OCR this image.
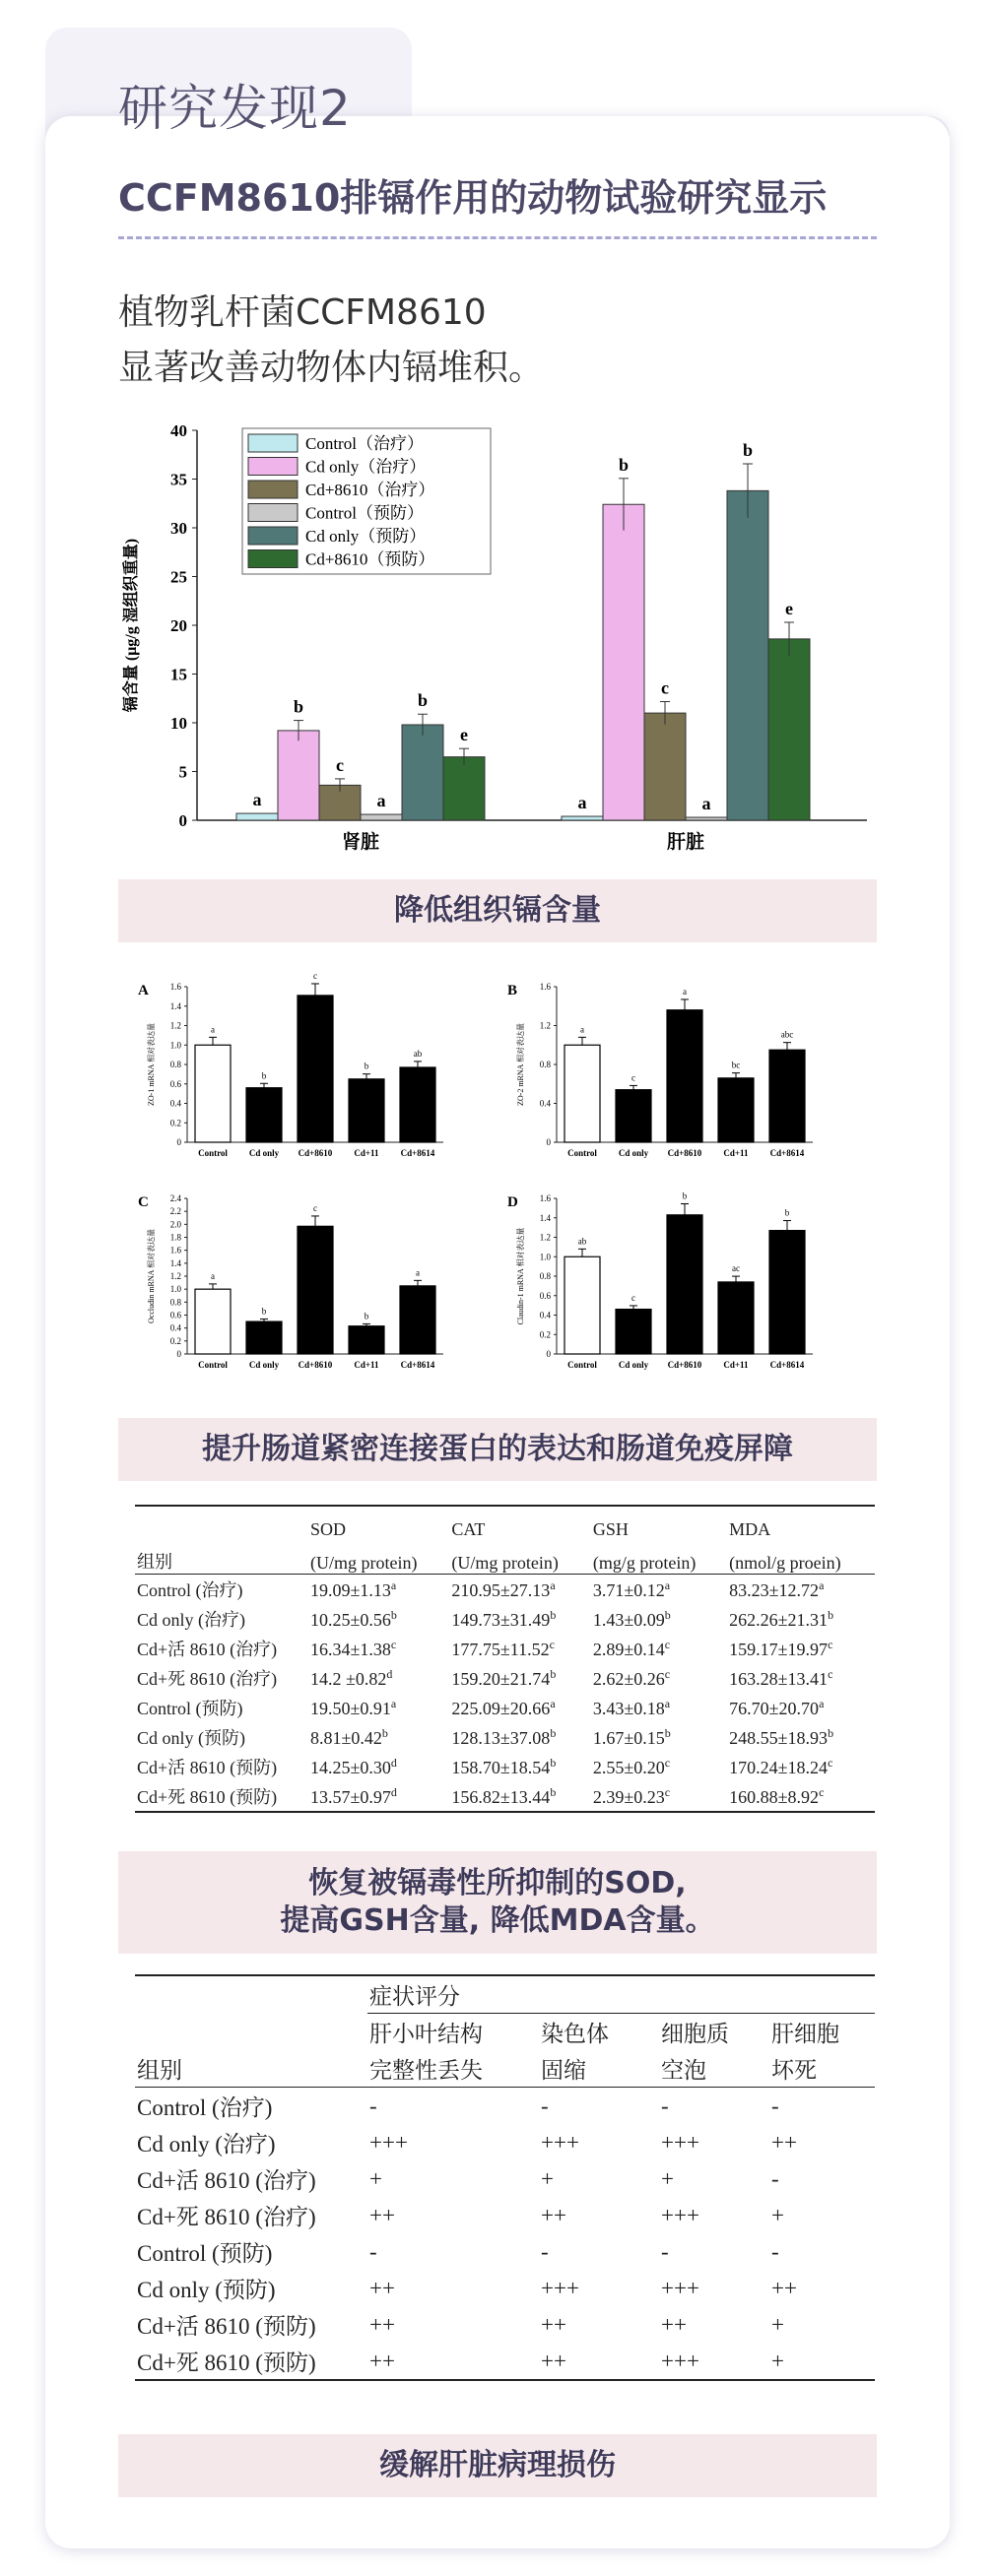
研究发现2
CCFM8610排镉作用的动物试验研究显示
植物乳杆菌CCFM8610
显著改善动物体内镉堆积。
0
5
10
15
20
25
30
35
40
镉含量 (μg/g 湿组织重量)
a
b
c
a
b
e
肾脏
a
b
c
a
b
e
肝脏
Control（治疗）
Cd only（治疗）
Cd+8610（治疗）
Control（预防）
Cd only（预防）
Cd+8610（预防）
降低组织镉含量
A
0
0.2
0.4
0.6
0.8
1.0
1.2
1.4
1.6
ZO-1 mRNA 相对表达量	a
Control
b
Cd only
c
Cd+8610
b
Cd+11
ab
Cd+8614
B
0
0.4
0.8
1.2
1.6
ZO-2 mRNA 相对表达量	a
Control
c
Cd only
a
Cd+8610
bc
Cd+11
abc
Cd+8614
C
0
0.2
0.4
0.6
0.8
1.0
1.2
1.4
1.6
1.8
2.0
2.2
2.4
Occludin mRNA 相对表达量	a
Control
b
Cd only
c
Cd+8610
b
Cd+11
a
Cd+8614
D
0
0.2
0.4
0.6
0.8
1.0
1.2
1.4
1.6
Claudin-1 mRNA 相对表达量	ab
Control
c
Cd only
b
Cd+8610
ac
Cd+11
b
Cd+8614
提升肠道紧密连接蛋白的表达和肠道免疫屏障

	SOD	CAT	GSH	MDA

组别	(U/mg protein)	(U/mg protein)	(mg/g protein)	(nmol/g proein)
Control (治疗)	19.09±1.13$^a$	210.95±27.13$^a$	3.71±0.12$^a$	83.23±12.72$^a$
Cd only (治疗)	10.25±0.56$^b$	149.73±31.49$^b$	1.43±0.09$^b$	262.26±21.31$^b$
Cd+活 8610 (治疗)	16.34±1.38$^c$	177.75±11.52$^c$	2.89±0.14$^c$	159.17±19.97$^c$
Cd+死 8610 (治疗)	14.2 ±0.82$^d$	159.20±21.74$^b$	2.62±0.26$^c$	163.28±13.41$^c$
Control (预防)	19.50±0.91$^a$	225.09±20.66$^a$	3.43±0.18$^a$	76.70±20.70$^a$
Cd only (预防)	8.81±0.42$^b$	128.13±37.08$^b$	1.67±0.15$^b$	248.55±18.93$^b$
Cd+活 8610 (预防)	14.25±0.30$^d$	158.70±18.54$^b$	2.55±0.20$^c$	170.24±18.24$^c$
Cd+死 8610 (预防)	13.57±0.97$^d$	156.82±13.44$^b$	2.39±0.23$^c$	160.88±8.92$^c$
恢复被镉毒性所抑制的SOD,
提高GSH含量, 降低MDA含量。
	症状评分			
	肝小叶结构	染色体	细胞质	肝细胞
组别	完整性丢失	固缩	空泡	坏死
Control (治疗)	-	-	-	-
Cd only (治疗)	+++	+++	+++	++
Cd+活 8610 (治疗)	+	+	+	-
Cd+死 8610 (治疗)	++	++	+++	+
Control (预防)	-	-	-	-
Cd only (预防)	++	+++	+++	++
Cd+活 8610 (预防)	++	++	++	+
Cd+死 8610 (预防)	++	++	+++	+
缓解肝脏病理损伤
